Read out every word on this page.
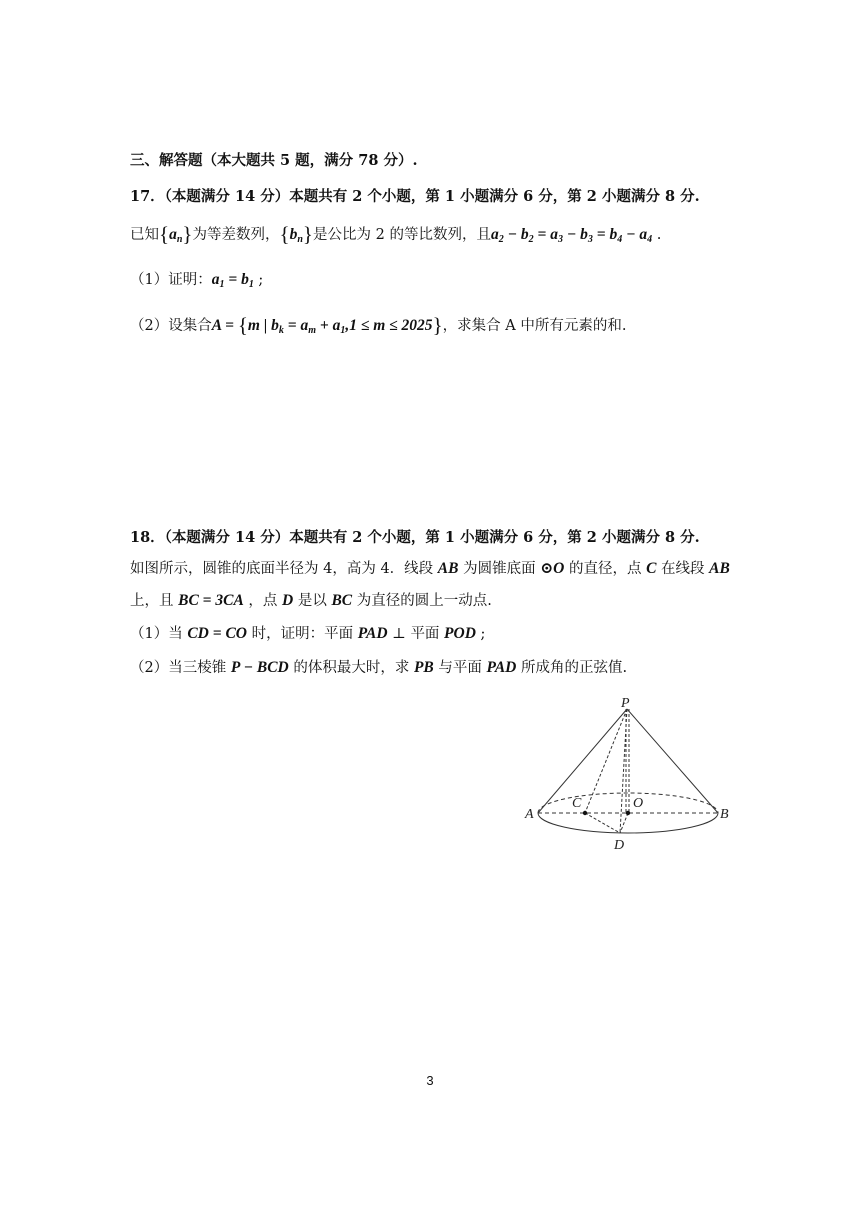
三、解答题（本大题共 5 题，满分 78 分）.
17．（本题满分 14 分）本题共有 2 个小题，第 1 小题满分 6 分，第 2 小题满分 8 分.
已知$\{a_n\}$为等差数列，$\{b_n\}$是公比为 2 的等比数列，且$a_2 - b_2 = a_3 - b_3 = b_4 - a_4$ .
（1）证明：$a_1 = b_1$ ;
（2）设集合A = {m | $b_k = a_m + a_1,1 \le m \le 2025$}，求集合 A 中所有元素的和.
18．（本题满分 14 分）本题共有 2 个小题，第 1 小题满分 6 分，第 2 小题满分 8 分.
如图所示，圆锥的底面半径为 4，高为 4．线段 AB 为圆锥底面 ⊙O 的直径，点 C 在线段 AB
上，且 BC = 3CA ，点 D 是以 BC 为直径的圆上一动点.
（1）当 CD = CO 时，证明：平面 PAD ⊥ 平面 POD ;
（2）当三棱锥 P − BCD 的体积最大时，求 PB 与平面 PAD 所成角的正弦值.
P
A	B
C	O
D
3
